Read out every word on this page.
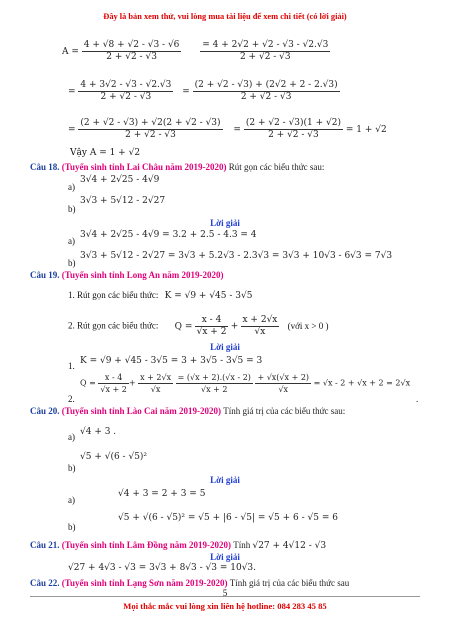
Đây là bản xem thử, vui lòng mua tài liệu để xem chi tiết (có lời giải)
$A = \frac{4 + √8 + √2 - √3 - √6}{2 + √2 - √3}$
$\frac{= 4 + 2√2 + √2 - √3 - √2.√3}{2 + √2 - √3}$
= $\frac{4 + 3√2 - √3 - √2.√3}{2 + √2 - √3} = \frac{(2 + √2 - √3) + (2√2 + 2 - 2.√3)}{2 + √2 - √3}$
= $\frac{(2 + √2 - √3) + √2(2 + √2 - √3)}{2 + √2 - √3} = \frac{(2 + √2 - √3)(1 + √2)}{2 + √2 - √3} = 1 + √2$
Vậy A = 1 + √2
Câu 18. (Tuyển sinh tỉnh Lai Châu năm 2019-2020) Rút gọn các biểu thức sau:
a)
3√4 + 2√25 - 4√9
b)
3√3 + 5√12 - 2√27
Lời giải
a)
3√4 + 2√25 - 4√9 = 3.2 + 2.5 - 4.3 = 4
b)
3√3 + 5√12 - 2√27 = 3√3 + 5.2√3 - 2.3√3 = 3√3 + 10√3 - 6√3 = 7√3
Câu 19. (Tuyển sinh tỉnh Long An năm 2019-2020)
1. Rút gọn các biểu thức: K = √9 + √45 - 3√5
2. Rút gọn các biểu thức: $Q = \frac{x - 4}{√x + 2} + \frac{x + 2√x}{√x}$ (với x > 0 )
Lời giải
1. K = √9 + √45 - 3√5 = 3 + 3√5 - 3√5 = 3
2.
$Q = \frac{x - 4}{√x + 2} + \frac{x + 2√x}{√x}$
$\frac{= (√x + 2).(√x - 2)}{√x + 2}$
$\frac{+ √x(√x + 2)}{√x} = √x - 2 + √x + 2 = 2√x$
.
Câu 20. (Tuyển sinh tỉnh Lào Cai năm 2019-2020) Tính giá trị của các biểu thức sau:
a) √4 + 3 .
b)
√5 + √(6 - √5)²
Lời giải
a)
√4 + 3 = 2 + 3 = 5
b)
√5 + √(6 - √5)² = √5 + |6 - √5| = √5 + 6 - √5 = 6
Câu 21. (Tuyển sinh tỉnh Lâm Đồng năm 2019-2020) Tính √27 + 4√12 - √3
Lời giải
√27 + 4√3 - √3 = 3√3 + 8√3 - √3 = 10√3.
Câu 22. (Tuyển sinh tỉnh Lạng Sơn năm 2019-2020) Tính giá trị của các biểu thức sau
5
Mọi thắc mắc vui lòng xin liên hệ hotline: 084 283 45 85
